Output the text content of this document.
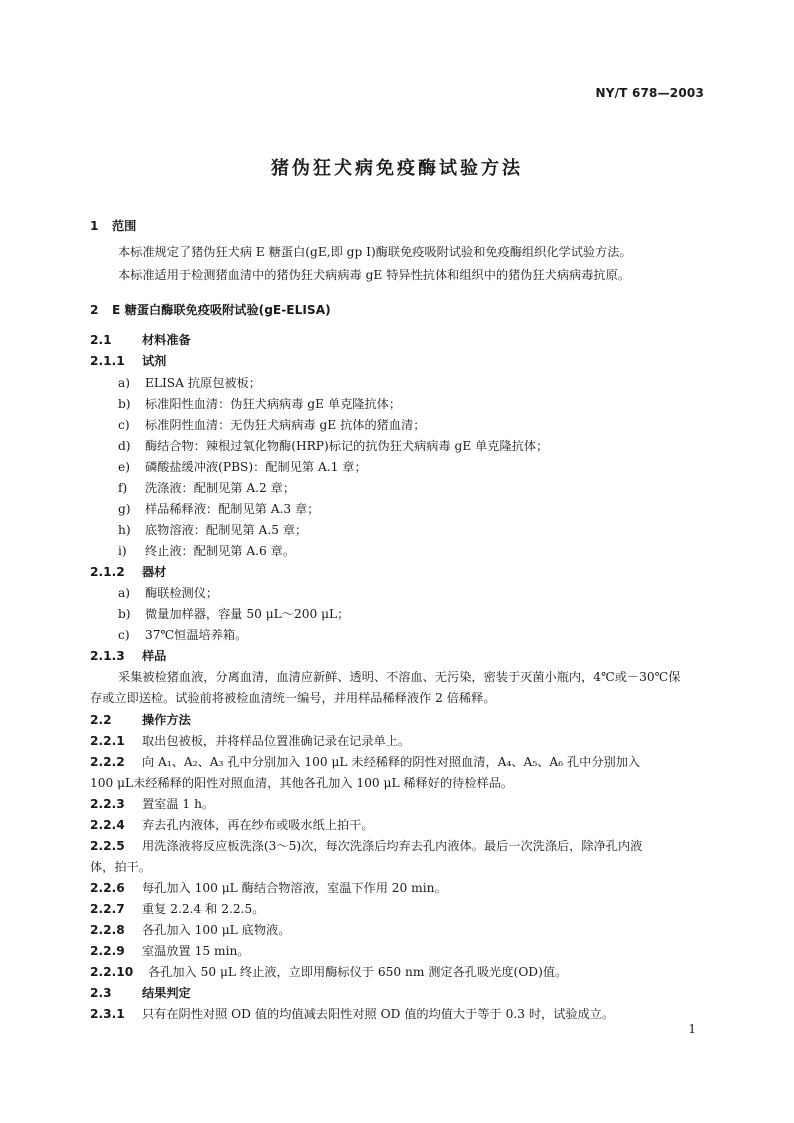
NY/T 678—2003
猪伪狂犬病免疫酶试验方法
1 范围
本标准规定了猪伪狂犬病 E 糖蛋白(gE,即 gp Ⅰ)酶联免疫吸附试验和免疫酶组织化学试验方法。
本标准适用于检测猪血清中的猪伪狂犬病病毒 gE 特异性抗体和组织中的猪伪狂犬病病毒抗原。
2 E 糖蛋白酶联免疫吸附试验(gE-ELISA)
2.1 材料准备
2.1.1 试剂
a) ELISA 抗原包被板；
b) 标准阳性血清：伪狂犬病病毒 gE 单克隆抗体；
c) 标准阴性血清：无伪狂犬病病毒 gE 抗体的猪血清；
d) 酶结合物：辣根过氧化物酶(HRP)标记的抗伪狂犬病病毒 gE 单克隆抗体；
e) 磷酸盐缓冲液(PBS)：配制见第 A.1 章；
f) 洗涤液：配制见第 A.2 章；
g) 样品稀释液：配制见第 A.3 章；
h) 底物溶液：配制见第 A.5 章；
i) 终止液：配制见第 A.6 章。
2.1.2 器材
a) 酶联检测仪；
b) 微量加样器，容量 50 μL～200 μL；
c) 37℃恒温培养箱。
2.1.3 样品
采集被检猪血液，分离血清，血清应新鲜、透明、不溶血、无污染，密装于灭菌小瓶内，4℃或－30℃保
存或立即送检。试验前将被检血清统一编号，并用样品稀释液作 2 倍稀释。
2.2 操作方法
2.2.1 取出包被板，并将样品位置准确记录在记录单上。
2.2.2 向 A₁、A₂、A₃ 孔中分别加入 100 μL 未经稀释的阴性对照血清，A₄、A₅、A₆ 孔中分别加入
100 μL未经稀释的阳性对照血清，其他各孔加入 100 μL 稀释好的待检样品。
2.2.3 置室温 1 h。
2.2.4 弃去孔内液体，再在纱布或吸水纸上拍干。
2.2.5 用洗涤液将反应板洗涤(3～5)次，每次洗涤后均弃去孔内液体。最后一次洗涤后，除净孔内液
体，拍干。
2.2.6 每孔加入 100 μL 酶结合物溶液，室温下作用 20 min。
2.2.7 重复 2.2.4 和 2.2.5。
2.2.8 各孔加入 100 μL 底物液。
2.2.9 室温放置 15 min。
2.2.10 各孔加入 50 μL 终止液，立即用酶标仪于 650 nm 测定各孔吸光度(OD)值。
2.3 结果判定
2.3.1 只有在阴性对照 OD 值的均值减去阳性对照 OD 值的均值大于等于 0.3 时，试验成立。
1
